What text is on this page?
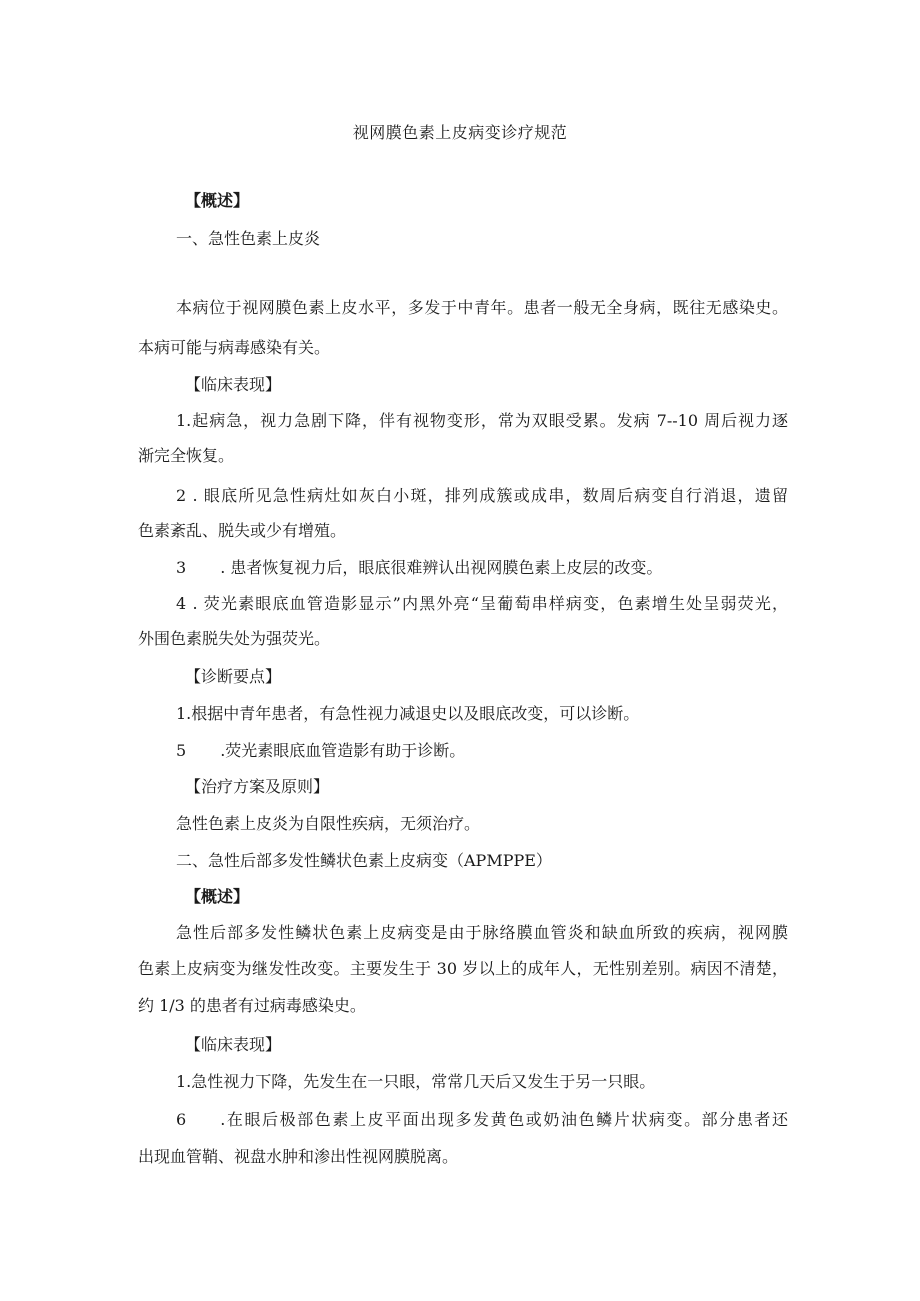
视网膜色素上皮病变诊疗规范
【概述】
一、急性色素上皮炎
本病位于视网膜色素上皮水平，多发于中青年。患者一般无全身病，既往无感染史。
本病可能与病毒感染有关。
【临床表现】
1.起病急，视力急剧下降，伴有视物变形，常为双眼受累。发病 7--10 周后视力逐
渐完全恢复。
2 . 眼底所见急性病灶如灰白小斑，排列成簇或成串，数周后病变自行消退，遗留
色素紊乱、脱失或少有增殖。
3 . 患者恢复视力后，眼底很难辨认出视网膜色素上皮层的改变。
4 . 荧光素眼底血管造影显示”内黑外亮“呈葡萄串样病变，色素增生处呈弱荧光，
外围色素脱失处为强荧光。
【诊断要点】
1.根据中青年患者，有急性视力减退史以及眼底改变，可以诊断。
5 .荧光素眼底血管造影有助于诊断。
【治疗方案及原则】
急性色素上皮炎为自限性疾病，无须治疗。
二、急性后部多发性鳞状色素上皮病变（APMPPE）
【概述】
急性后部多发性鳞状色素上皮病变是由于脉络膜血管炎和缺血所致的疾病，视网膜
色素上皮病变为继发性改变。主要发生于 30 岁以上的成年人，无性别差别。病因不清楚，
约 1/3 的患者有过病毒感染史。
【临床表现】
1.急性视力下降，先发生在一只眼，常常几天后又发生于另一只眼。
6 .在眼后极部色素上皮平面出现多发黄色或奶油色鳞片状病变。部分患者还
出现血管鞘、视盘水肿和渗出性视网膜脱离。
